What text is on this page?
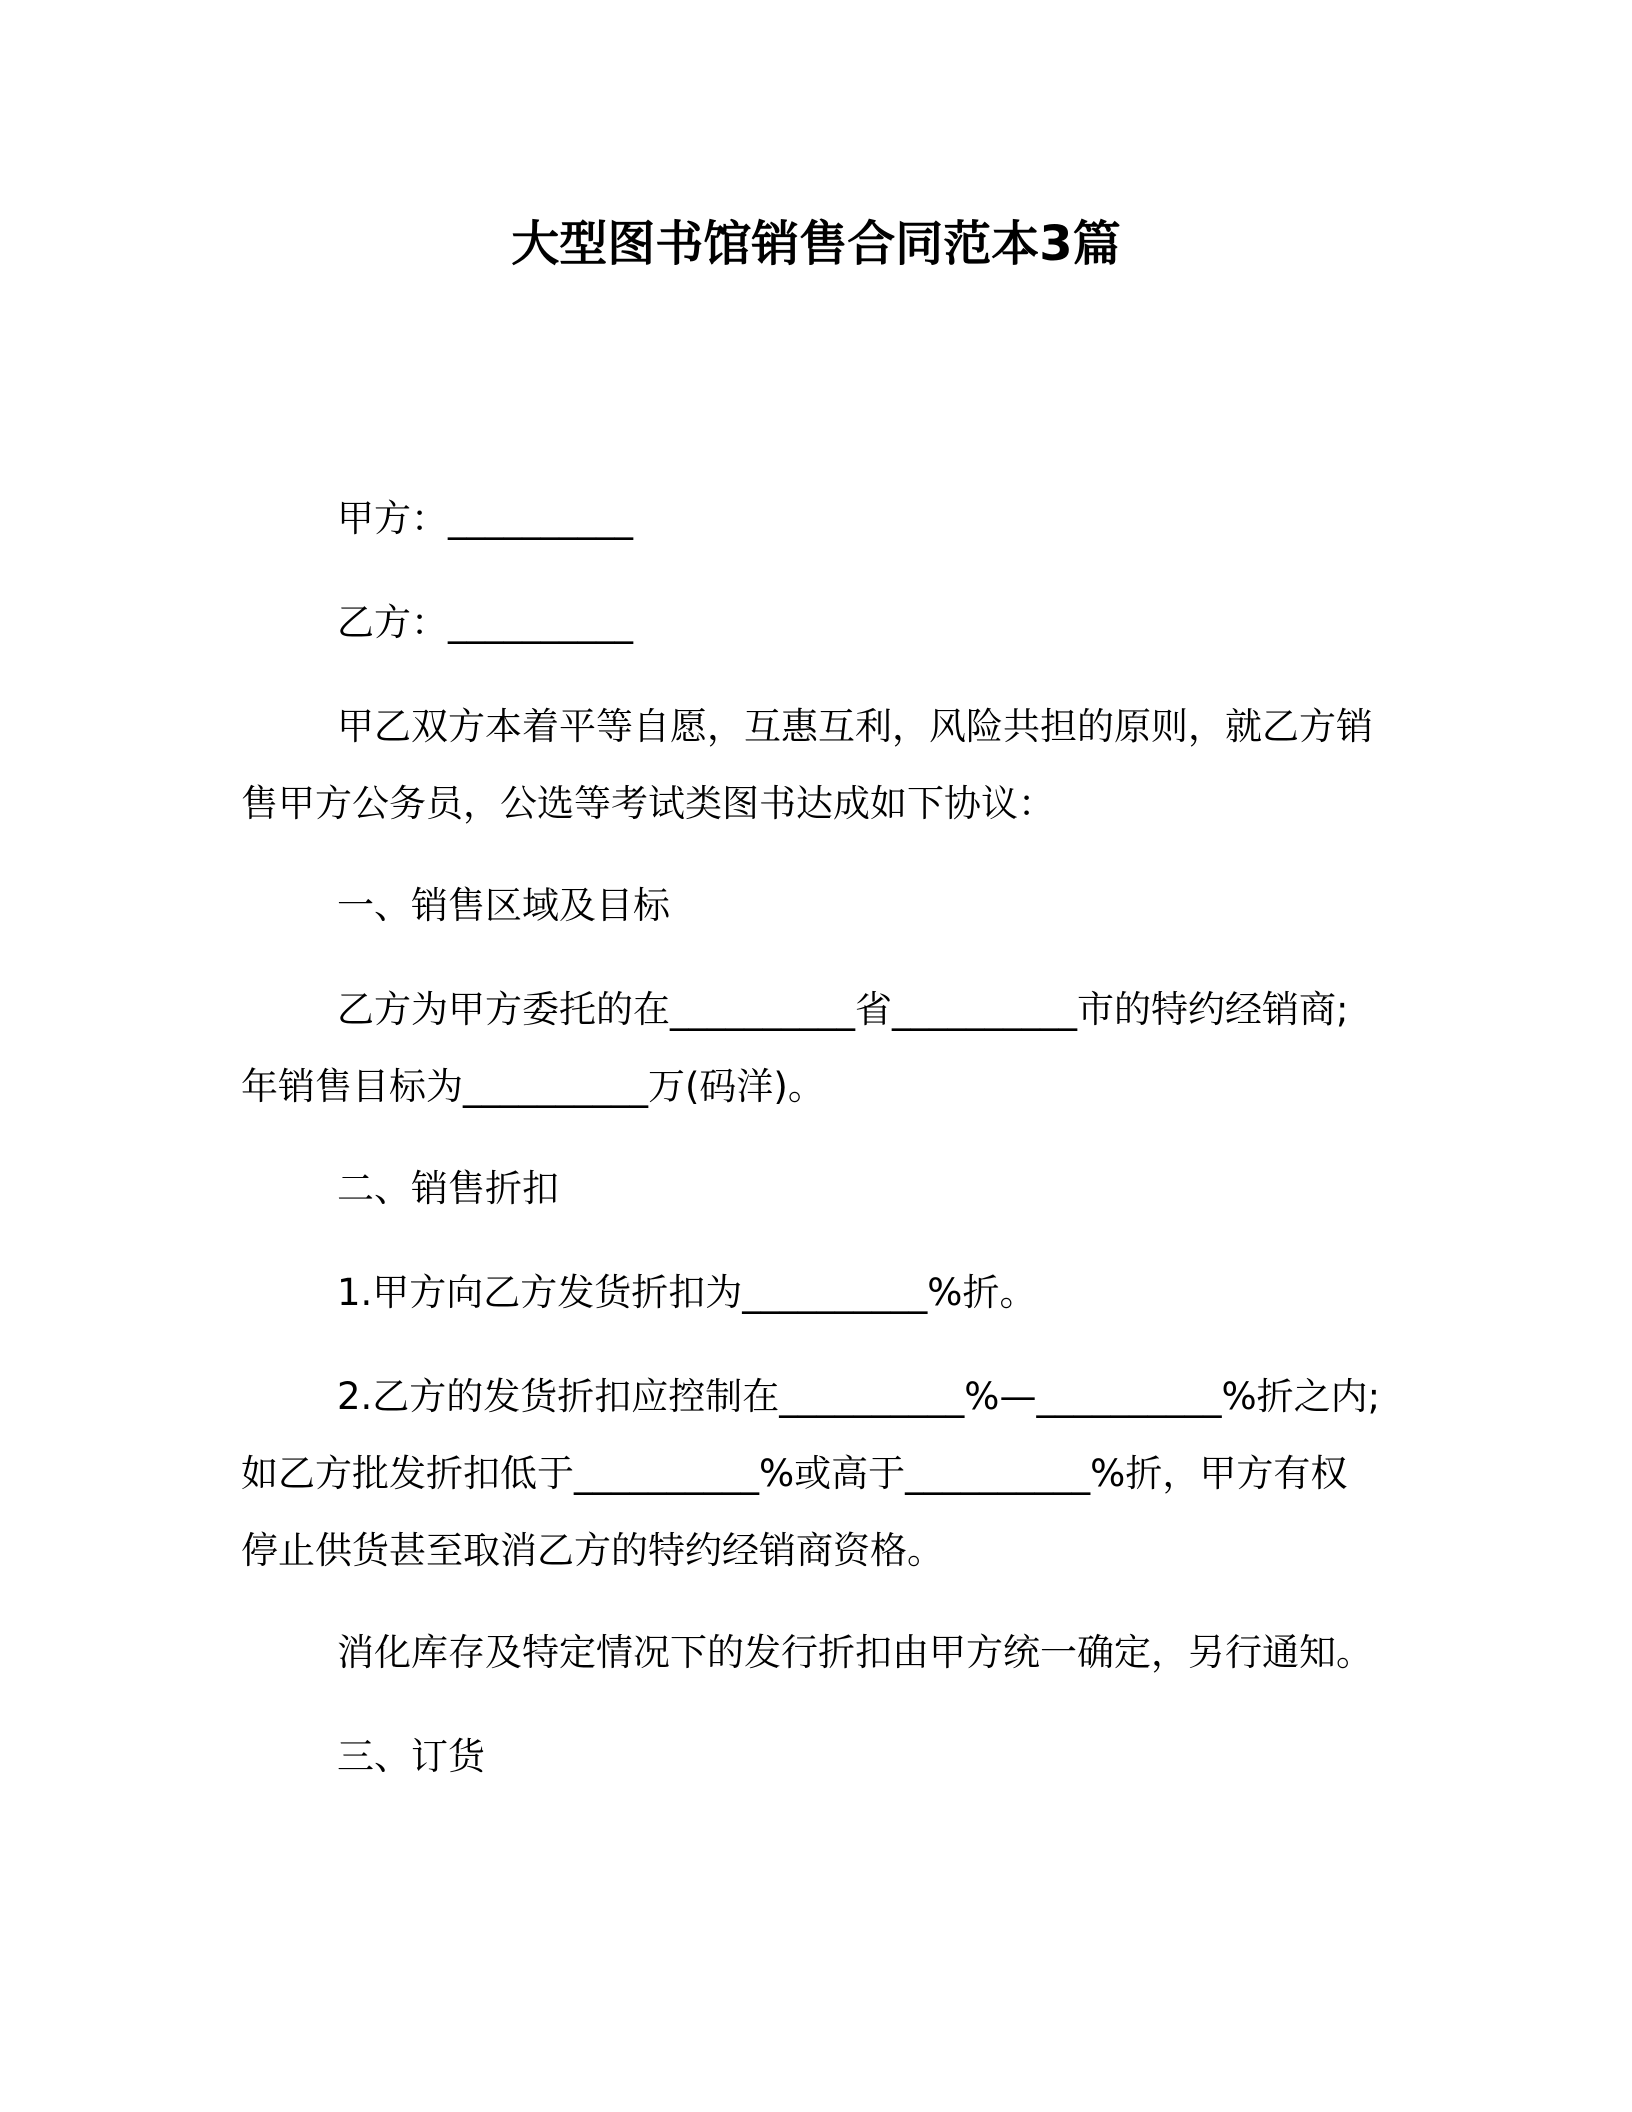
大型图书馆销售合同范本3篇
甲方：__________
乙方：__________
甲乙双方本着平等自愿，互惠互利，风险共担的原则，就乙方销
售甲方公务员，公选等考试类图书达成如下协议：
一、销售区域及目标
乙方为甲方委托的在__________省__________市的特约经销商;
年销售目标为__________万(码洋)。
二、销售折扣
1.甲方向乙方发货折扣为__________%折。
2.乙方的发货折扣应控制在__________%—__________%折之内;
如乙方批发折扣低于__________%或高于__________%折，甲方有权
停止供货甚至取消乙方的特约经销商资格。
消化库存及特定情况下的发行折扣由甲方统一确定，另行通知。
三、订货
